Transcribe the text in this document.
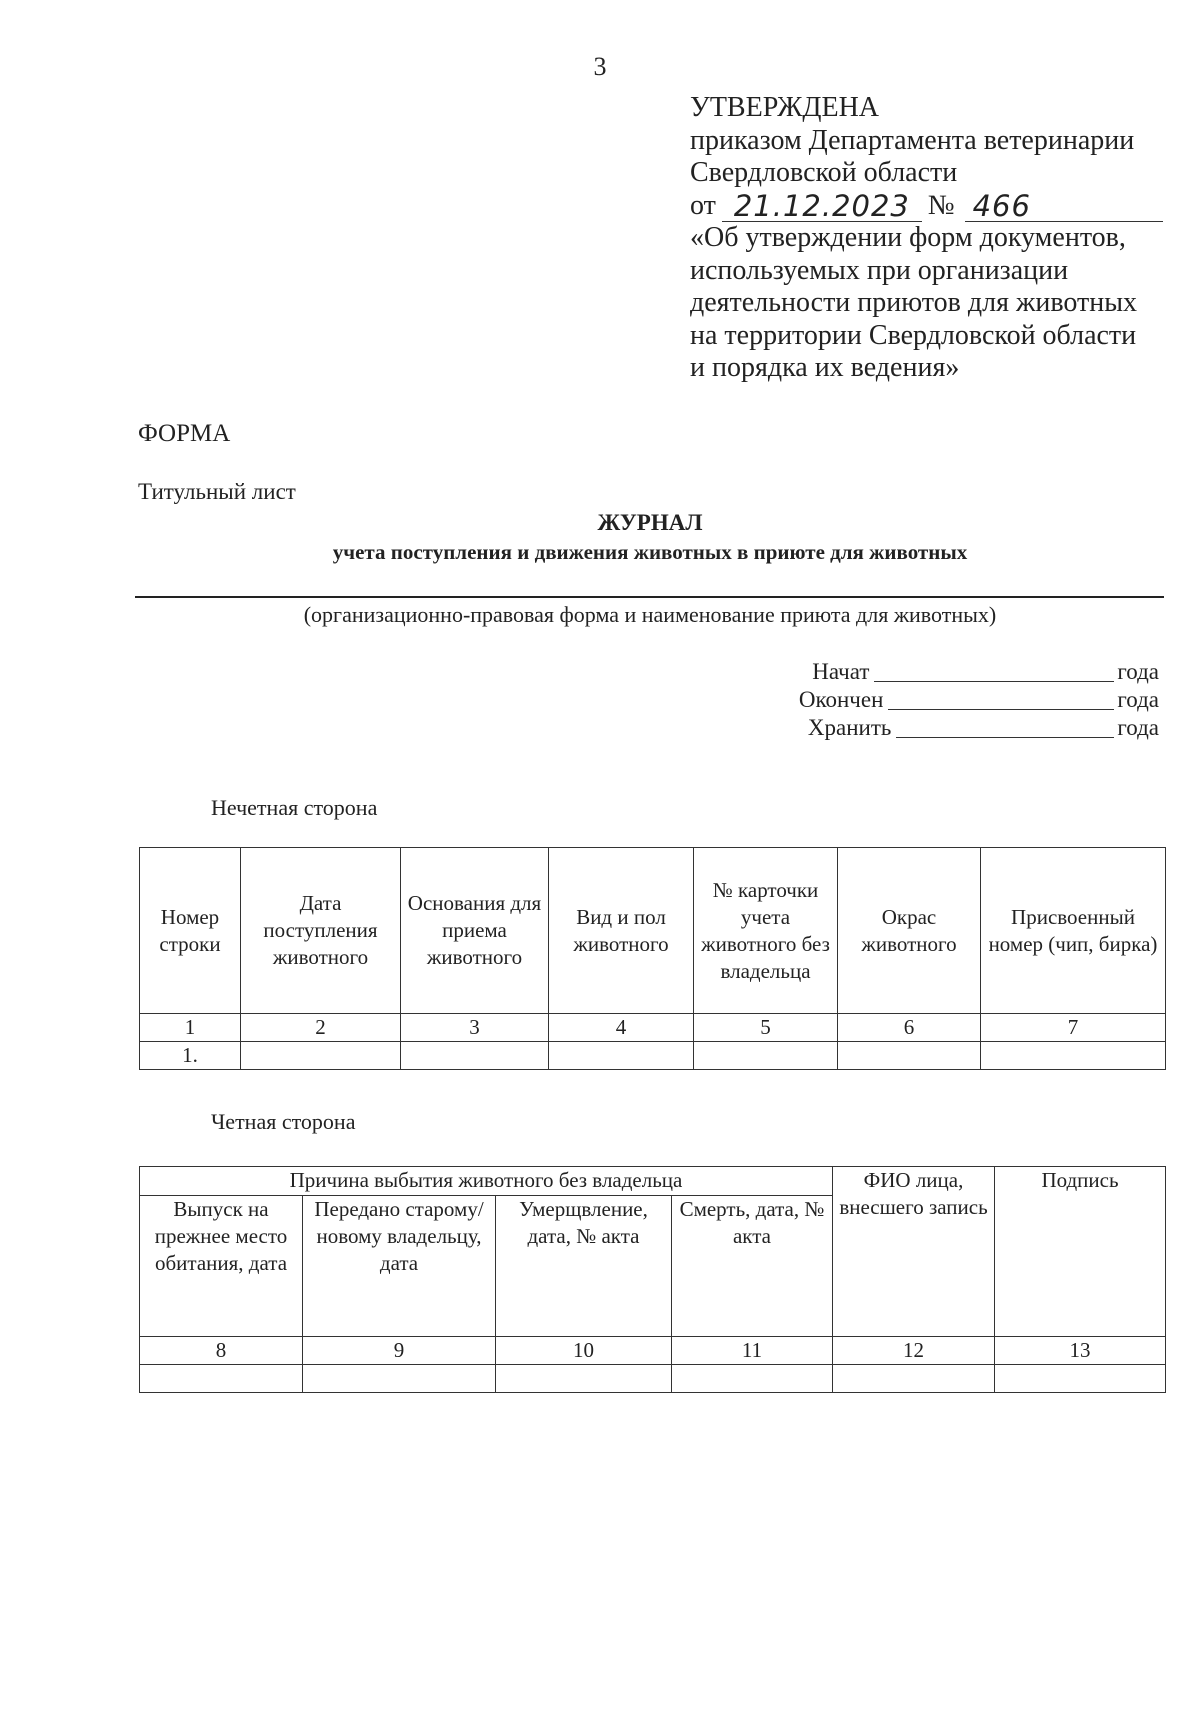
3
УТВЕРЖДЕНА
приказом Департамента ветеринарии
Свердловской области
от 21.12.2023 № 466
«Об утверждении форм документов,
используемых при организации
деятельности приютов для животных
на территории Свердловской области
и порядка их ведения»
ФОРМА
Титульный лист
ЖУРНАЛ
учета поступления и движения животных в приюте для животных
(организационно-правовая форма и наименование приюта для животных)
Начат	года
Окончен	года
Хранить	года
Нечетная сторона
Номер строки	Дата поступления животного	Основания для приема животного	Вид и пол животного	№ карточки учета животного без владельца	Окрас животного	Присвоенный номер (чип, бирка)
1	2	3	4	5	6	7
1.						
Четная сторона
Причина выбытия животного без владельца				ФИО лица, внесшего запись	Подпись
Выпуск на прежнее место обитания, дата	Передано старому/новому владельцу, дата	Умерщвление, дата, № акта	Смерть, дата, № акта		
8	9	10	11	12	13
